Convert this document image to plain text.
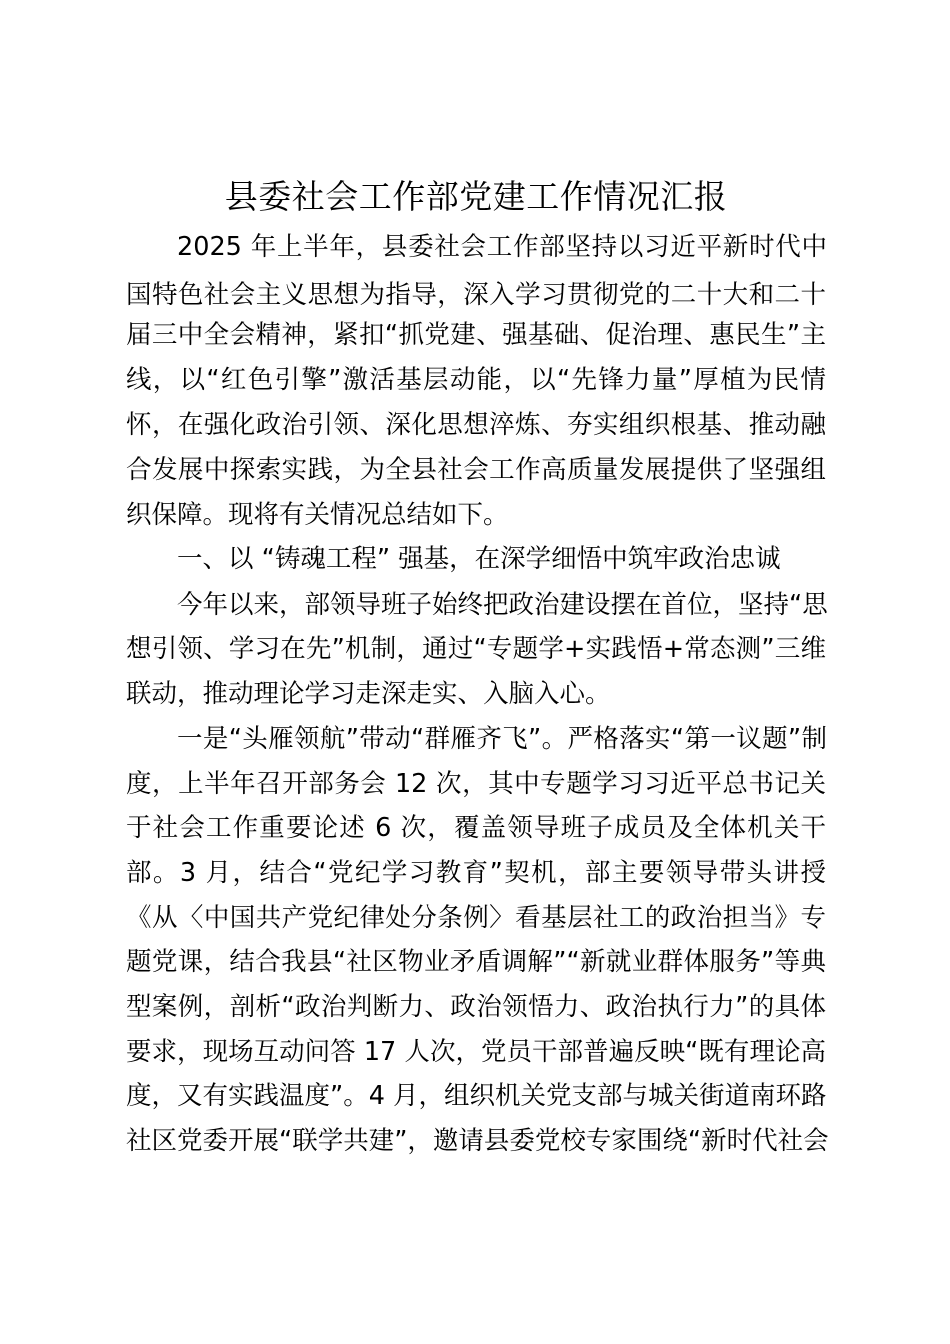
县委社会工作部党建工作情况汇报

2025 年上半年，县委社会工作部坚持以习近平新时代中

国特色社会主义思想为指导，深入学习贯彻党的二十大和二十

届三中全会精神，紧扣“抓党建、强基础、促治理、惠民生”主

线，以“红色引擎”激活基层动能，以“先锋力量”厚植为民情

怀，在强化政治引领、深化思想淬炼、夯实组织根基、推动融

合发展中探索实践，为全县社会工作高质量发展提供了坚强组

织保障。现将有关情况总结如下。

一、以 “铸魂工程” 强基，在深学细悟中筑牢政治忠诚

今年以来，部领导班子始终把政治建设摆在首位，坚持“思

想引领、学习在先”机制，通过“专题学+实践悟+常态测”三维

联动，推动理论学习走深走实、入脑入心。

一是“头雁领航”带动“群雁齐飞”。严格落实“第一议题”制

度，上半年召开部务会 12 次，其中专题学习习近平总书记关

于社会工作重要论述 6 次，覆盖领导班子成员及全体机关干

部。3 月，结合“党纪学习教育”契机，部主要领导带头讲授

《从〈中国共产党纪律处分条例〉看基层社工的政治担当》专

题党课，结合我县“社区物业矛盾调解”“新就业群体服务”等典

型案例，剖析“政治判断力、政治领悟力、政治执行力”的具体

要求，现场互动问答 17 人次，党员干部普遍反映“既有理论高

度，又有实践温度”。4 月，组织机关党支部与城关街道南环路

社区党委开展“联学共建”，邀请县委党校专家围绕“新时代社会
